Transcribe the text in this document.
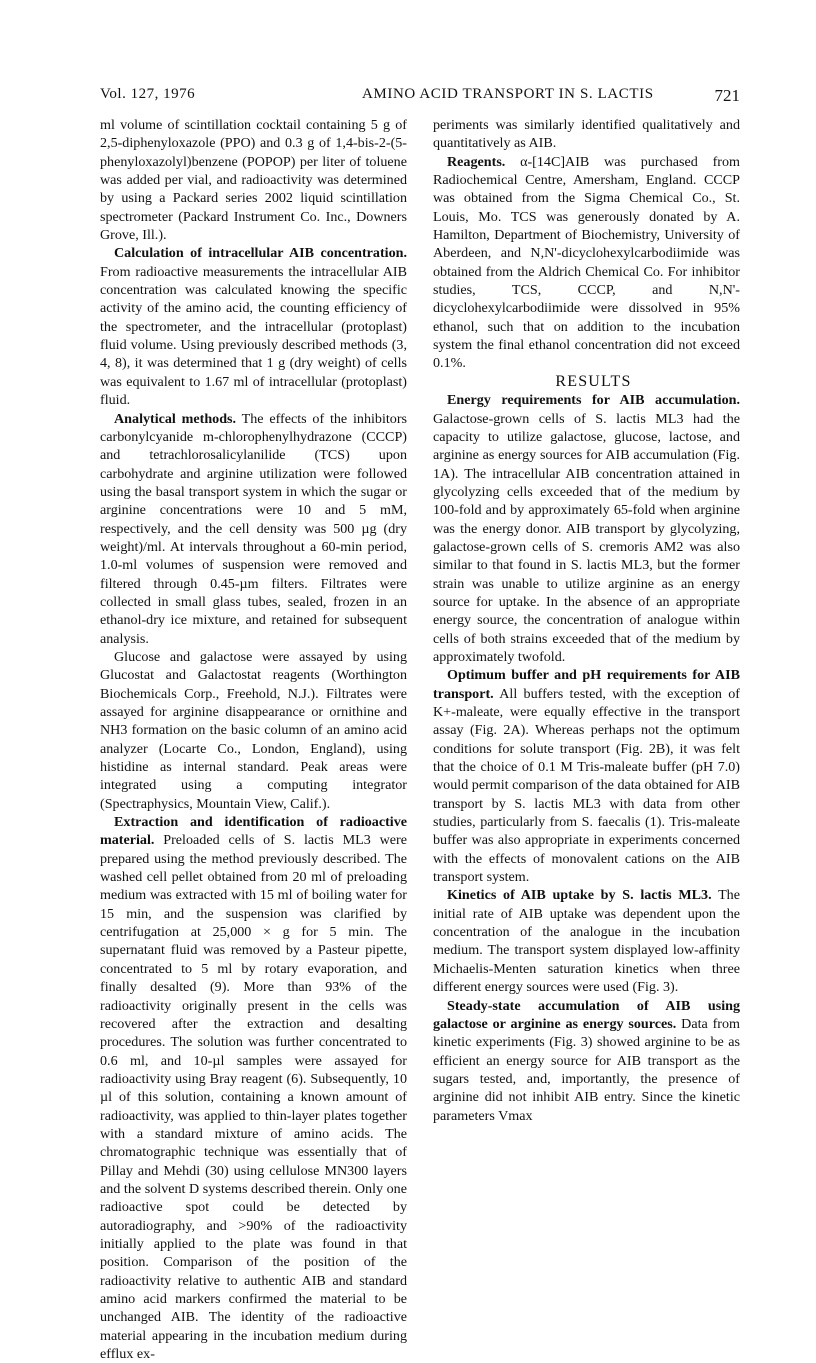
Vol. 127, 1976	AMINO ACID TRANSPORT IN S. LACTIS	721

ml volume of scintillation cocktail containing 5 g of 2,5-diphenyloxazole (PPO) and 0.3 g of 1,4-bis-2-(5-phenyloxazolyl)benzene (POPOP) per liter of toluene was added per vial, and radioactivity was determined by using a Packard series 2002 liquid scintillation spectrometer (Packard Instrument Co. Inc., Downers Grove, Ill.).

Calculation of intracellular AIB concentration. From radioactive measurements the intracellular AIB concentration was calculated knowing the specific activity of the amino acid, the counting efficiency of the spectrometer, and the intracellular (protoplast) fluid volume. Using previously described methods (3, 4, 8), it was determined that 1 g (dry weight) of cells was equivalent to 1.67 ml of intracellular (protoplast) fluid.

Analytical methods. The effects of the inhibitors carbonylcyanide m-chlorophenylhydrazone (CCCP) and tetrachlorosalicylanilide (TCS) upon carbohydrate and arginine utilization were followed using the basal transport system in which the sugar or arginine concentrations were 10 and 5 mM, respectively, and the cell density was 500 µg (dry weight)/ml. At intervals throughout a 60-min period, 1.0-ml volumes of suspension were removed and filtered through 0.45-µm filters. Filtrates were collected in small glass tubes, sealed, frozen in an ethanol-dry ice mixture, and retained for subsequent analysis.

Glucose and galactose were assayed by using Glucostat and Galactostat reagents (Worthington Biochemicals Corp., Freehold, N.J.). Filtrates were assayed for arginine disappearance or ornithine and NH3 formation on the basic column of an amino acid analyzer (Locarte Co., London, England), using histidine as internal standard. Peak areas were integrated using a computing integrator (Spectraphysics, Mountain View, Calif.).

Extraction and identification of radioactive material. Preloaded cells of S. lactis ML3 were prepared using the method previously described. The washed cell pellet obtained from 20 ml of preloading medium was extracted with 15 ml of boiling water for 15 min, and the suspension was clarified by centrifugation at 25,000 × g for 5 min. The supernatant fluid was removed by a Pasteur pipette, concentrated to 5 ml by rotary evaporation, and finally desalted (9). More than 93% of the radioactivity originally present in the cells was recovered after the extraction and desalting procedures. The solution was further concentrated to 0.6 ml, and 10-µl samples were assayed for radioactivity using Bray reagent (6). Subsequently, 10 µl of this solution, containing a known amount of radioactivity, was applied to thin-layer plates together with a standard mixture of amino acids. The chromatographic technique was essentially that of Pillay and Mehdi (30) using cellulose MN300 layers and the solvent D systems described therein. Only one radioactive spot could be detected by autoradiography, and >90% of the radioactivity initially applied to the plate was found in that position. Comparison of the position of the radioactivity relative to authentic AIB and standard amino acid markers confirmed the material to be unchanged AIB. The identity of the radioactive material appearing in the incubation medium during efflux ex-

periments was similarly identified qualitatively and quantitatively as AIB.

Reagents. α-[14C]AIB was purchased from Radiochemical Centre, Amersham, England. CCCP was obtained from the Sigma Chemical Co., St. Louis, Mo. TCS was generously donated by A. Hamilton, Department of Biochemistry, University of Aberdeen, and N,N'-dicyclohexylcarbodiimide was obtained from the Aldrich Chemical Co. For inhibitor studies, TCS, CCCP, and N,N'-dicyclohexylcarbodiimide were dissolved in 95% ethanol, such that on addition to the incubation system the final ethanol concentration did not exceed 0.1%.

RESULTS

Energy requirements for AIB accumulation. Galactose-grown cells of S. lactis ML3 had the capacity to utilize galactose, glucose, lactose, and arginine as energy sources for AIB accumulation (Fig. 1A). The intracellular AIB concentration attained in glycolyzing cells exceeded that of the medium by 100-fold and by approximately 65-fold when arginine was the energy donor. AIB transport by glycolyzing, galactose-grown cells of S. cremoris AM2 was also similar to that found in S. lactis ML3, but the former strain was unable to utilize arginine as an energy source for uptake. In the absence of an appropriate energy source, the concentration of analogue within cells of both strains exceeded that of the medium by approximately twofold.

Optimum buffer and pH requirements for AIB transport. All buffers tested, with the exception of K+-maleate, were equally effective in the transport assay (Fig. 2A). Whereas perhaps not the optimum conditions for solute transport (Fig. 2B), it was felt that the choice of 0.1 M Tris-maleate buffer (pH 7.0) would permit comparison of the data obtained for AIB transport by S. lactis ML3 with data from other studies, particularly from S. faecalis (1). Tris-maleate buffer was also appropriate in experiments concerned with the effects of monovalent cations on the AIB transport system.

Kinetics of AIB uptake by S. lactis ML3. The initial rate of AIB uptake was dependent upon the concentration of the analogue in the incubation medium. The transport system displayed low-affinity Michaelis-Menten saturation kinetics when three different energy sources were used (Fig. 3).

Steady-state accumulation of AIB using galactose or arginine as energy sources. Data from kinetic experiments (Fig. 3) showed arginine to be as efficient an energy source for AIB transport as the sugars tested, and, importantly, the presence of arginine did not inhibit AIB entry. Since the kinetic parameters Vmax
